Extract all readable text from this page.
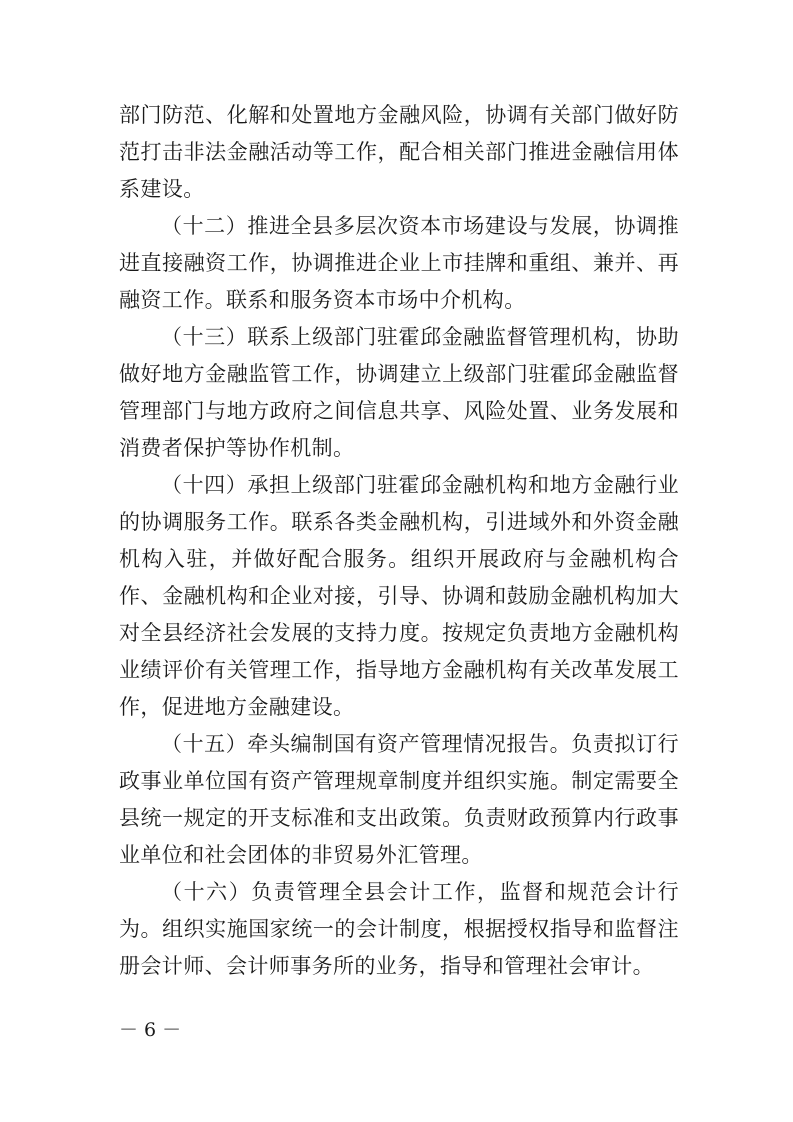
部门防范、化解和处置地方金融风险，协调有关部门做好防范打击非法金融活动等工作，配合相关部门推进金融信用体系建设。

（十二）推进全县多层次资本市场建设与发展，协调推进直接融资工作，协调推进企业上市挂牌和重组、兼并、再融资工作。联系和服务资本市场中介机构。

（十三）联系上级部门驻霍邱金融监督管理机构，协助做好地方金融监管工作，协调建立上级部门驻霍邱金融监督管理部门与地方政府之间信息共享、风险处置、业务发展和消费者保护等协作机制。

（十四）承担上级部门驻霍邱金融机构和地方金融行业的协调服务工作。联系各类金融机构，引进域外和外资金融机构入驻，并做好配合服务。组织开展政府与金融机构合作、金融机构和企业对接，引导、协调和鼓励金融机构加大对全县经济社会发展的支持力度。按规定负责地方金融机构业绩评价有关管理工作，指导地方金融机构有关改革发展工作，促进地方金融建设。

（十五）牵头编制国有资产管理情况报告。负责拟订行政事业单位国有资产管理规章制度并组织实施。制定需要全县统一规定的开支标准和支出政策。负责财政预算内行政事业单位和社会团体的非贸易外汇管理。

（十六）负责管理全县会计工作，监督和规范会计行为。组织实施国家统一的会计制度，根据授权指导和监督注册会计师、会计师事务所的业务，指导和管理社会审计。

－ 6 －
